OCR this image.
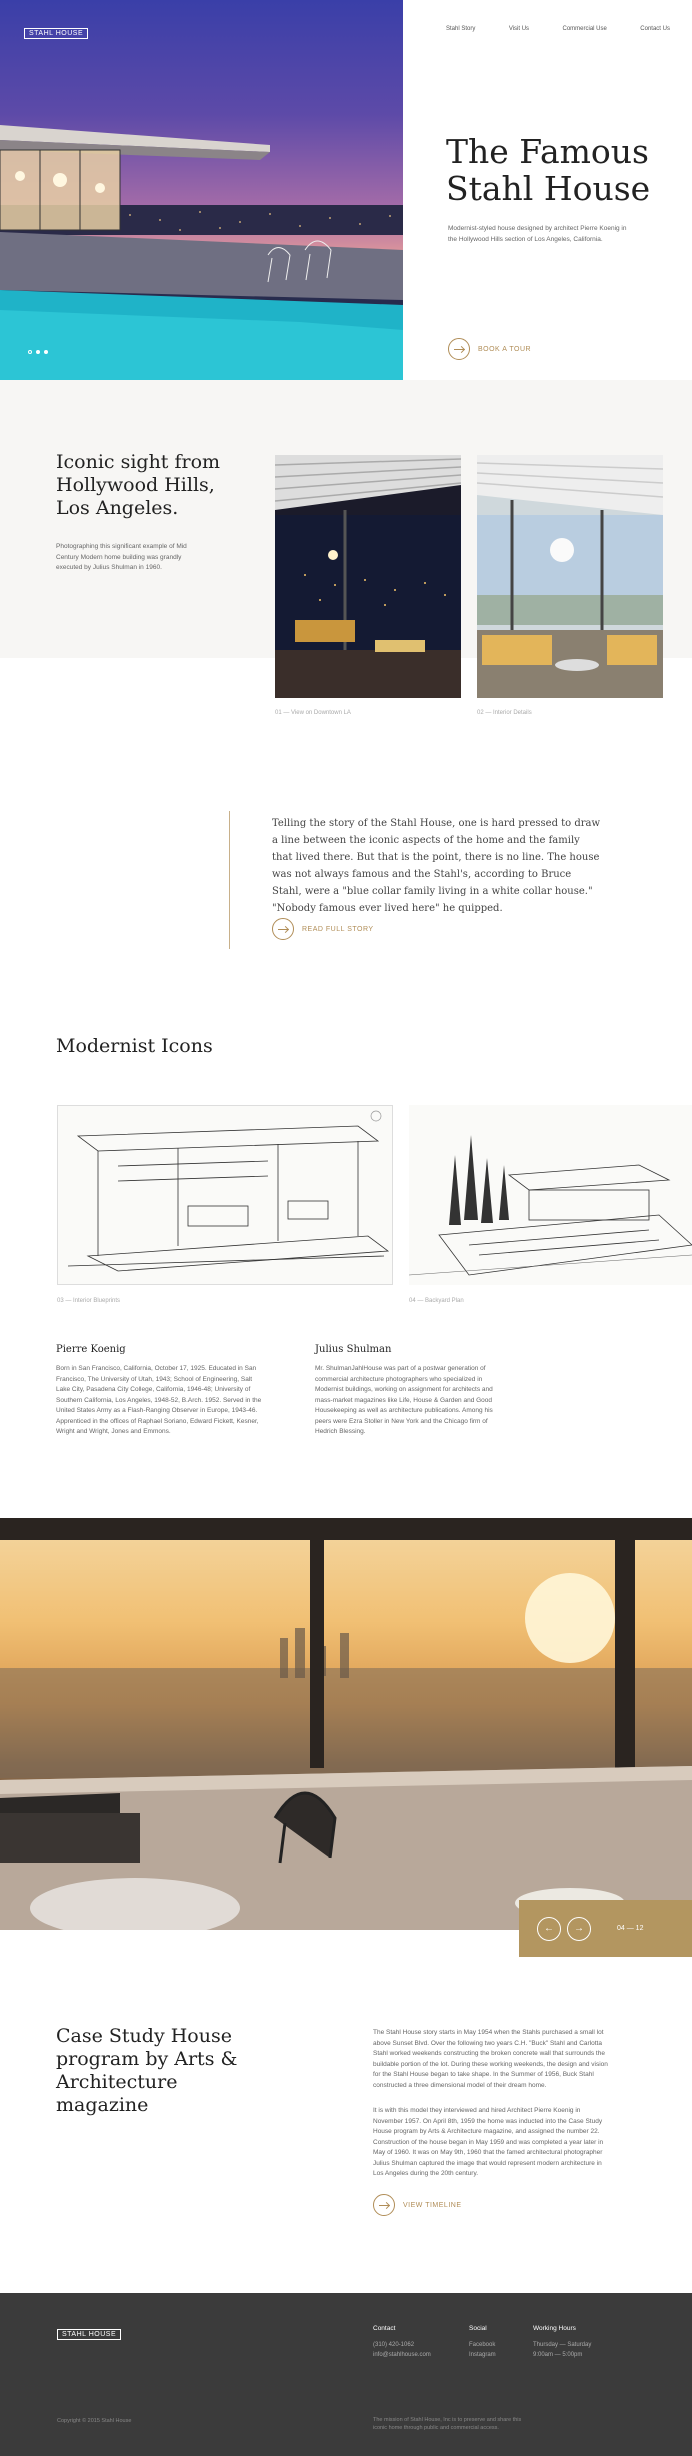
STAHL HOUSE
Stahl Story	Visit Us	Commercial Use	Contact Us
The Famous
Stahl House
Modernist-styled house designed by architect Pierre Koenig in the Hollywood Hills section of Los Angeles, California.
BOOK A TOUR
Iconic sight from Hollywood Hills, Los Angeles.
Photographing this significant example of Mid Century Modern home building was grandly executed by Julius Shulman in 1960.
01 — View on Downtown LA	02 — Interior Details
Telling the story of the Stahl House, one is hard pressed to draw a line between the iconic aspects of the home and the family that lived there. But that is the point, there is no line. The house was not always famous and the Stahl's, according to Bruce Stahl, were a "blue collar family living in a white collar house." "Nobody famous ever lived here" he quipped.
READ FULL STORY
Modernist Icons
03 — Interior Blueprints	04 — Backyard Plan
Pierre Koenig
Born in San Francisco, California, October 17, 1925. Educated in San Francisco, The University of Utah, 1943; School of Engineering, Salt Lake City, Pasadena City College, California, 1946-48; University of Southern California, Los Angeles, 1948-52, B.Arch. 1952. Served in the United States Army as a Flash-Ranging Observer in Europe, 1943-46. Apprenticed in the offices of Raphael Soriano, Edward Fickett, Kesner, Wright and Wright, Jones and Emmons.
Julius Shulman
Mr. ShulmanJahlHouse was part of a postwar generation of commercial architecture photographers who specialized in Modernist buildings, working on assignment for architects and mass-market magazines like Life, House & Garden and Good Housekeeping as well as architecture publications. Among his peers were Ezra Stoller in New York and the Chicago firm of Hedrich Blessing.
← →	04 — 12
Case Study House program by Arts & Architecture magazine
The Stahl House story starts in May 1954 when the Stahls purchased a small lot above Sunset Blvd. Over the following two years C.H. "Buck" Stahl and Carlotta Stahl worked weekends constructing the broken concrete wall that surrounds the buildable portion of the lot. During these working weekends, the design and vision for the Stahl House began to take shape. In the Summer of 1956, Buck Stahl constructed a three dimensional model of their dream home.
It is with this model they interviewed and hired Architect Pierre Koenig in November 1957. On April 8th, 1959 the home was inducted into the Case Study House program by Arts & Architecture magazine, and assigned the number 22. Construction of the house began in May 1959 and was completed a year later in May of 1960. It was on May 9th, 1960 that the famed architectural photographer Julius Shulman captured the image that would represent modern architecture in Los Angeles during the 20th century.
VIEW TIMELINE
STAHL HOUSE
Contact
(310) 420-1062
info@stahlhouse.com
Social
Facebook
Instagram
Working Hours
Thursday — Saturday
9:00am — 5:00pm
Copyright © 2015 Stahl House	The mission of Stahl House, Inc is to preserve and share this iconic home through public and commercial access.
